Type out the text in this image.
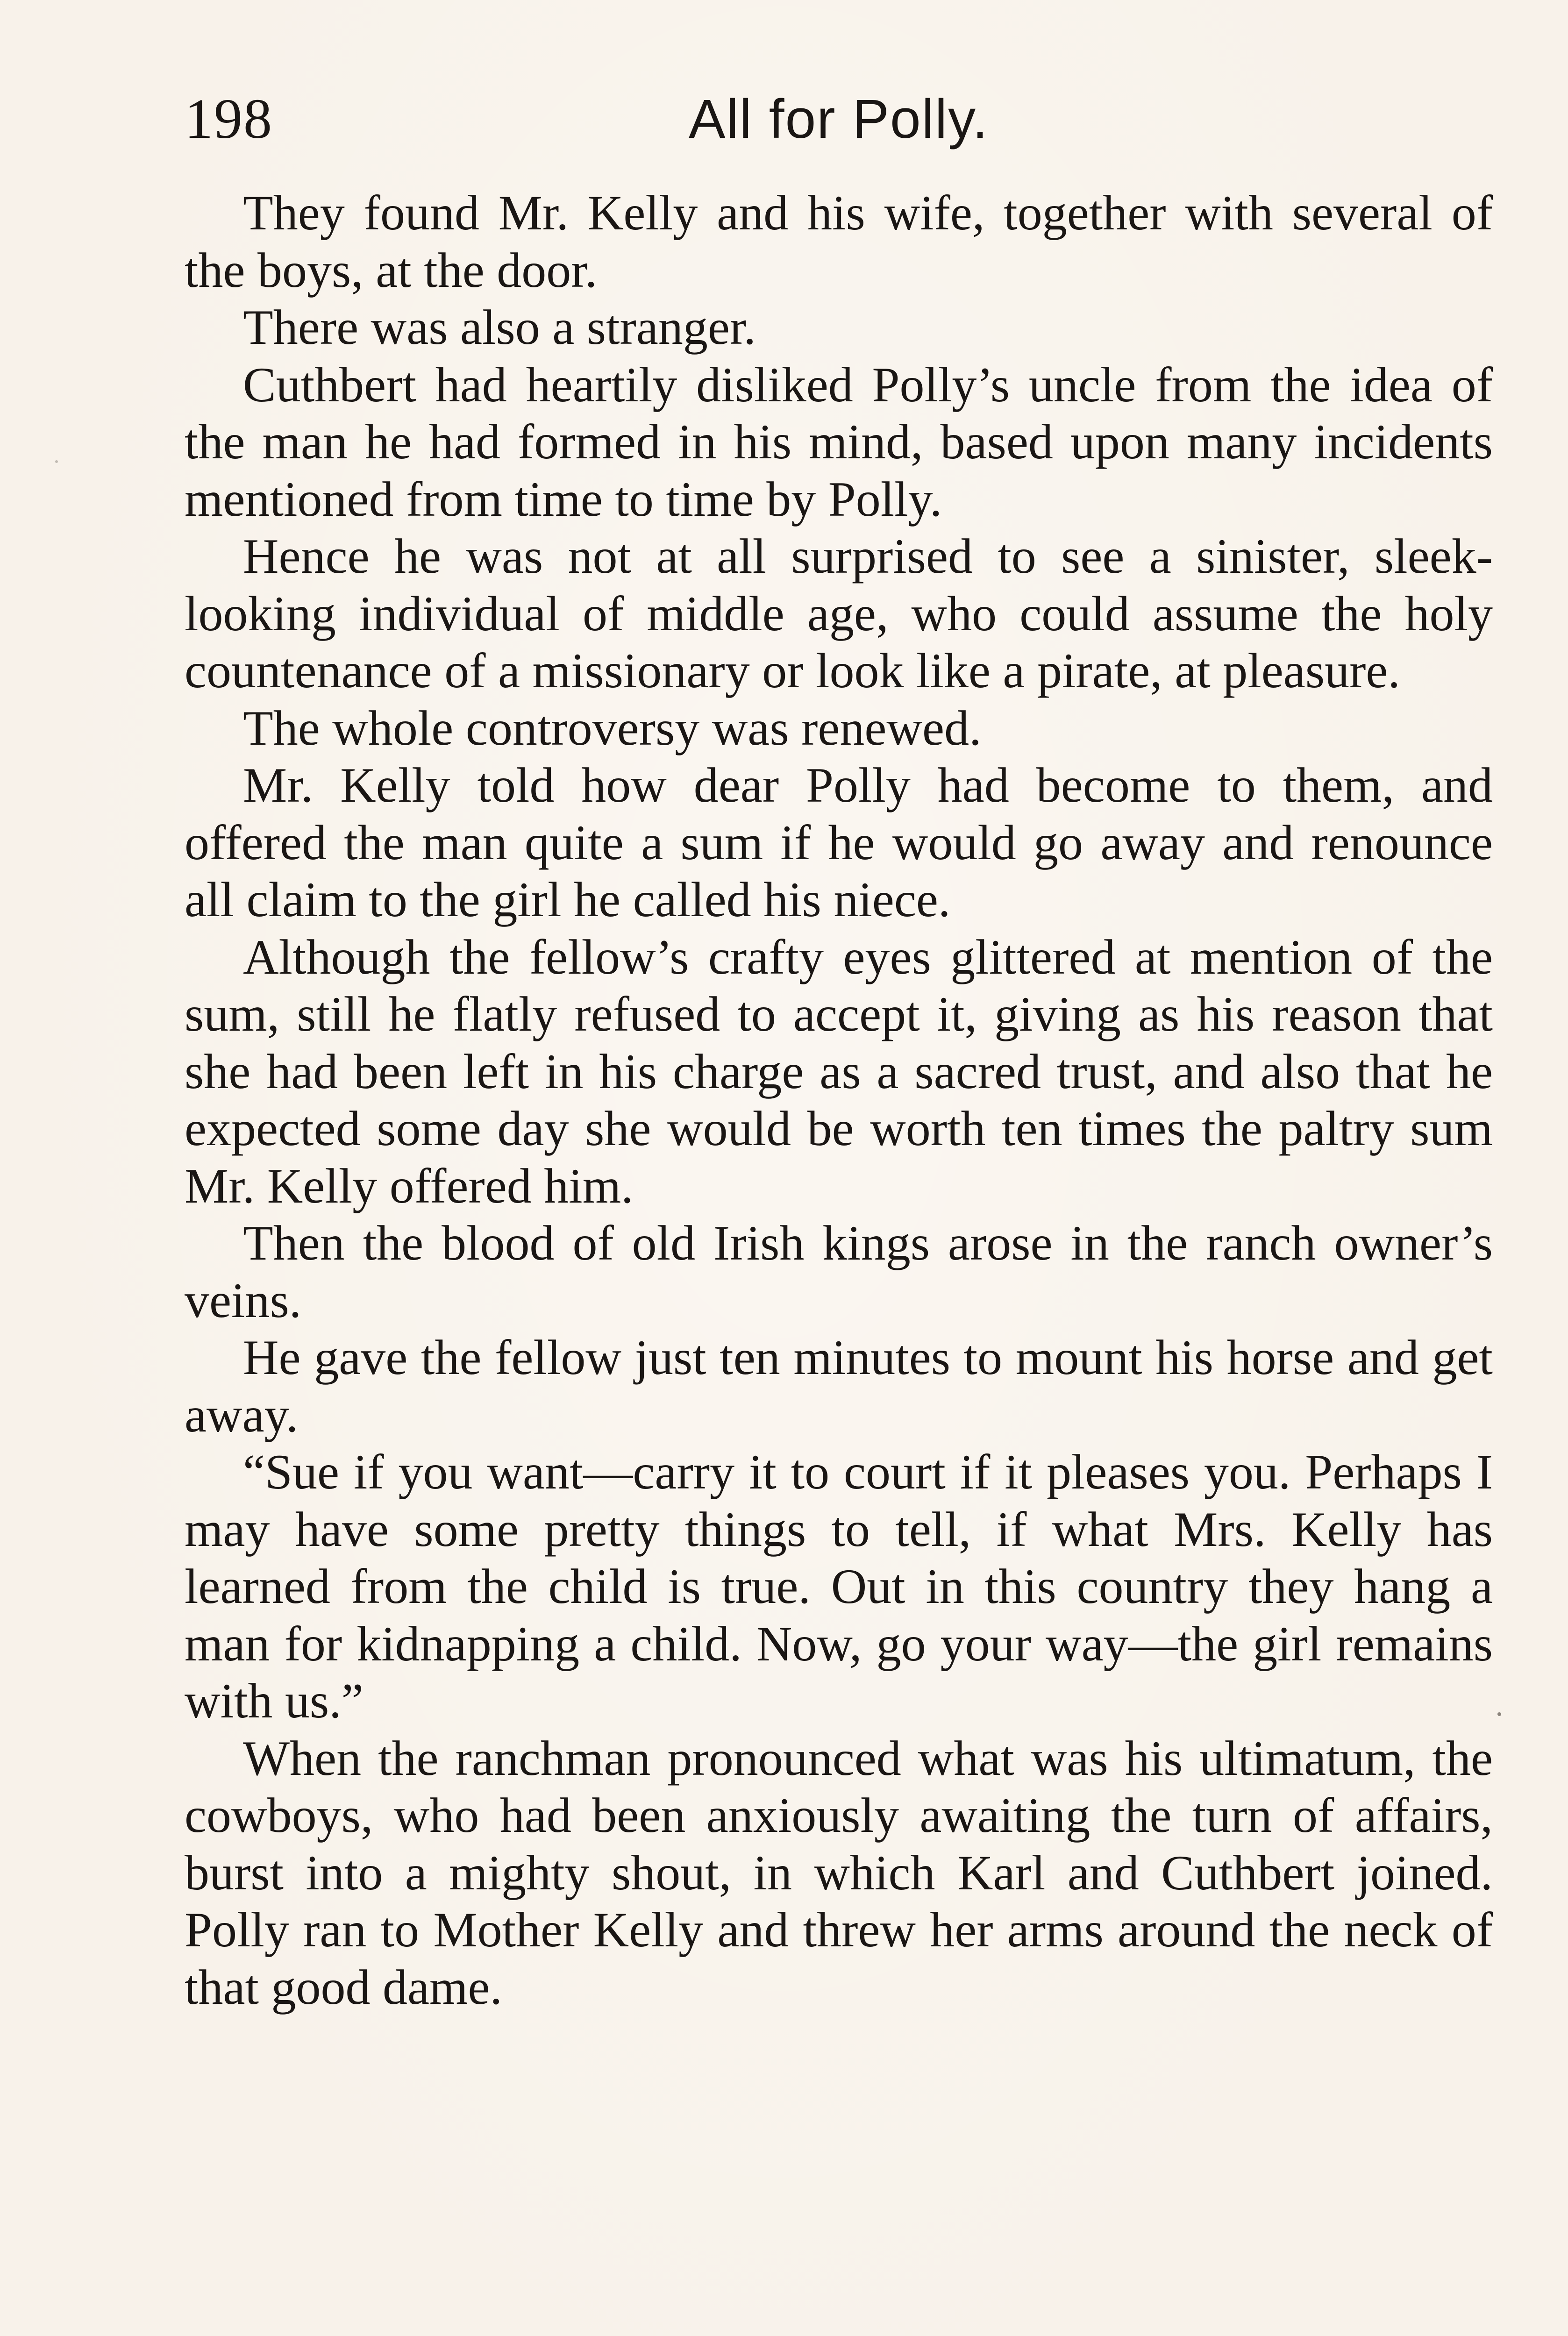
198	All for Polly.

They found Mr. Kelly and his wife, together with several of the boys, at the door.

There was also a stranger.

Cuthbert had heartily disliked Polly’s uncle from the idea of the man he had formed in his mind, based upon many incidents mentioned from time to time by Polly.

Hence he was not at all surprised to see a sinister, sleek-looking individual of middle age, who could assume the holy countenance of a missionary or look like a pirate, at pleasure.

The whole controversy was renewed.

Mr. Kelly told how dear Polly had become to them, and offered the man quite a sum if he would go away and renounce all claim to the girl he called his niece.

Although the fellow’s crafty eyes glittered at mention of the sum, still he flatly refused to accept it, giving as his reason that she had been left in his charge as a sacred trust, and also that he expected some day she would be worth ten times the paltry sum Mr. Kelly offered him.

Then the blood of old Irish kings arose in the ranch owner’s veins.

He gave the fellow just ten minutes to mount his horse and get away.

“Sue if you want—carry it to court if it pleases you. Perhaps I may have some pretty things to tell, if what Mrs. Kelly has learned from the child is true. Out in this country they hang a man for kidnapping a child. Now, go your way—the girl remains with us.”

When the ranchman pronounced what was his ultimatum, the cowboys, who had been anxiously awaiting the turn of affairs, burst into a mighty shout, in which Karl and Cuthbert joined. Polly ran to Mother Kelly and threw her arms around the neck of that good dame.
